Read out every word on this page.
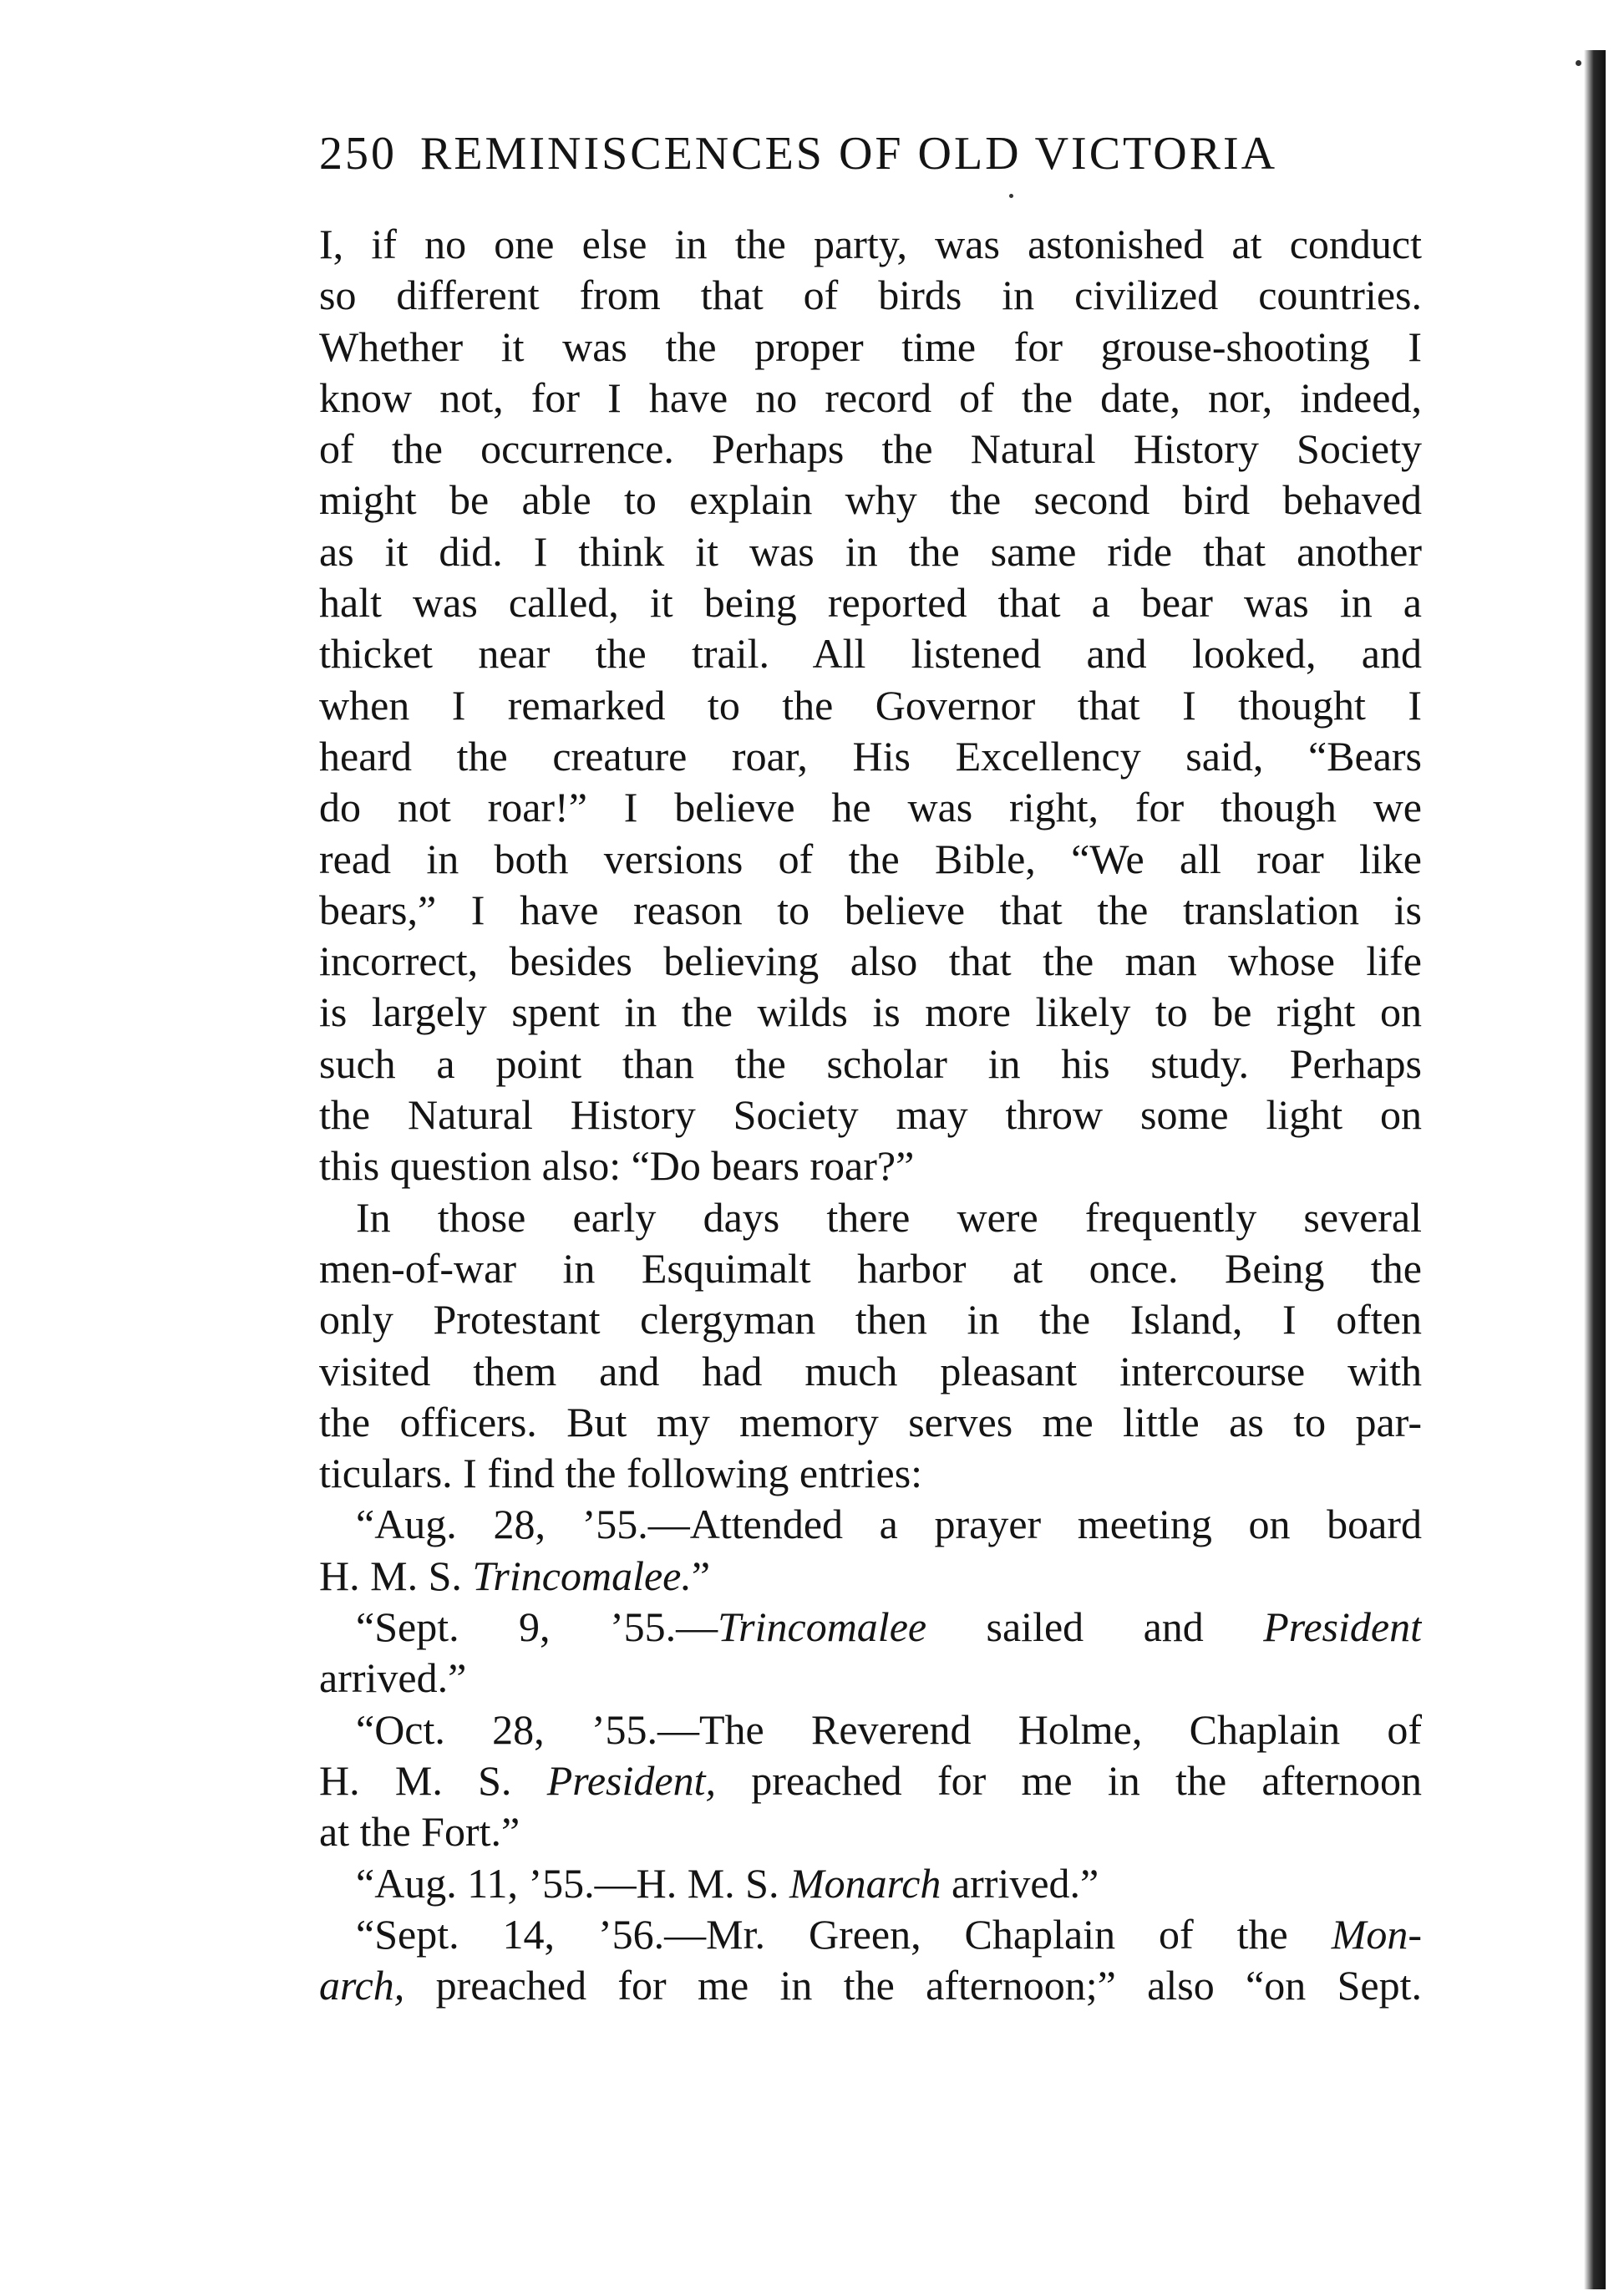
250 REMINISCENCES OF OLD VICTORIA
I, if no one else in the party, was astonished at conduct
so different from that of birds in civilized countries.
Whether it was the proper time for grouse-shooting I
know not, for I have no record of the date, nor, indeed,
of the occurrence. Perhaps the Natural History Society
might be able to explain why the second bird behaved
as it did. I think it was in the same ride that another
halt was called, it being reported that a bear was in a
thicket near the trail. All listened and looked, and
when I remarked to the Governor that I thought I
heard the creature roar, His Excellency said, “Bears
do not roar!” I believe he was right, for though we
read in both versions of the Bible, “We all roar like
bears,” I have reason to believe that the translation is
incorrect, besides believing also that the man whose life
is largely spent in the wilds is more likely to be right on
such a point than the scholar in his study. Perhaps
the Natural History Society may throw some light on
this question also: “Do bears roar?”
In those early days there were frequently several
men-of-war in Esquimalt harbor at once. Being the
only Protestant clergyman then in the Island, I often
visited them and had much pleasant intercourse with
the officers. But my memory serves me little as to par-
ticulars. I find the following entries:
“Aug. 28, ’55.—Attended a prayer meeting on board
H. M. S. Trincomalee.”
“Sept. 9, ’55.—Trincomalee sailed and President
arrived.”
“Oct. 28, ’55.—The Reverend Holme, Chaplain of
H. M. S. President, preached for me in the afternoon
at the Fort.”
“Aug. 11, ’55.—H. M. S. Monarch arrived.”
“Sept. 14, ’56.—Mr. Green, Chaplain of the Mon-
arch, preached for me in the afternoon;” also “on Sept.
